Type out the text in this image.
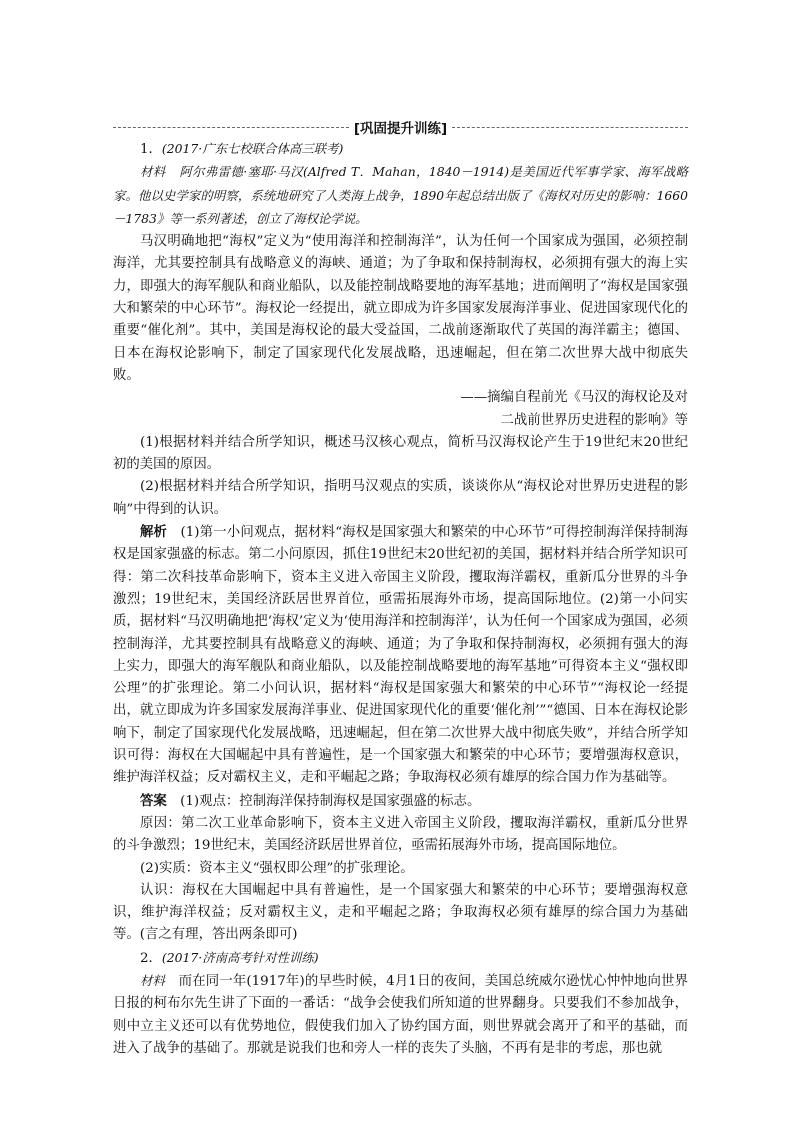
[巩固提升训练]

1．(2017·广东七校联合体高三联考)

材料  阿尔弗雷德·塞耶·马汉(Alfred T．Mahan，1840－1914)是美国近代军事学家、海军战略家。他以史学家的明察，系统地研究了人类海上战争，1890年起总结出版了《海权对历史的影响：1660－1783》等一系列著述，创立了海权论学说。

马汉明确地把“海权”定义为“使用海洋和控制海洋”，认为任何一个国家成为强国，必须控制海洋，尤其要控制具有战略意义的海峡、通道；为了争取和保持制海权，必须拥有强大的海上实力，即强大的海军舰队和商业船队，以及能控制战略要地的海军基地；进而阐明了“海权是国家强大和繁荣的中心环节”。海权论一经提出，就立即成为许多国家发展海洋事业、促进国家现代化的重要“催化剂”。其中，美国是海权论的最大受益国，二战前逐渐取代了英国的海洋霸主；德国、日本在海权论影响下，制定了国家现代化发展战略，迅速崛起，但在第二次世界大战中彻底失败。

——摘编自程前光《马汉的海权论及对

二战前世界历史进程的影响》等

(1)根据材料并结合所学知识，概述马汉核心观点，简析马汉海权论产生于19世纪末20世纪初的美国的原因。

(2)根据材料并结合所学知识，指明马汉观点的实质，谈谈你从“海权论对世界历史进程的影响”中得到的认识。

解析  (1)第一小问观点，据材料“海权是国家强大和繁荣的中心环节”可得控制海洋保持制海权是国家强盛的标志。第二小问原因，抓住19世纪末20世纪初的美国，据材料并结合所学知识可得：第二次科技革命影响下，资本主义进入帝国主义阶段，攫取海洋霸权，重新瓜分世界的斗争激烈；19世纪末，美国经济跃居世界首位，亟需拓展海外市场，提高国际地位。(2)第一小问实质，据材料“马汉明确地把‘海权’定义为‘使用海洋和控制海洋’，认为任何一个国家成为强国，必须控制海洋，尤其要控制具有战略意义的海峡、通道；为了争取和保持制海权，必须拥有强大的海上实力，即强大的海军舰队和商业船队，以及能控制战略要地的海军基地”可得资本主义“强权即公理”的扩张理论。第二小问认识，据材料“海权是国家强大和繁荣的中心环节”“海权论一经提出，就立即成为许多国家发展海洋事业、促进国家现代化的重要‘催化剂’”“德国、日本在海权论影响下，制定了国家现代化发展战略，迅速崛起，但在第二次世界大战中彻底失败”，并结合所学知识可得：海权在大国崛起中具有普遍性，是一个国家强大和繁荣的中心环节；要增强海权意识，维护海洋权益；反对霸权主义，走和平崛起之路；争取海权必须有雄厚的综合国力作为基础等。

答案  (1)观点：控制海洋保持制海权是国家强盛的标志。

原因：第二次工业革命影响下，资本主义进入帝国主义阶段，攫取海洋霸权，重新瓜分世界的斗争激烈；19世纪末，美国经济跃居世界首位，亟需拓展海外市场，提高国际地位。

(2)实质：资本主义“强权即公理”的扩张理论。

认识：海权在大国崛起中具有普遍性，是一个国家强大和繁荣的中心环节；要增强海权意识，维护海洋权益；反对霸权主义，走和平崛起之路；争取海权必须有雄厚的综合国力为基础等。(言之有理，答出两条即可)

2．(2017·济南高考针对性训练)

材料  而在同一年(1917年)的早些时候，4月1日的夜间，美国总统威尔逊忧心忡忡地向世界日报的柯布尔先生讲了下面的一番话：“战争会使我们所知道的世界翻身。只要我们不参加战争，则中立主义还可以有优势地位，假使我们加入了协约国方面，则世界就会离开了和平的基础，而进入了战争的基础了。那就是说我们也和旁人一样的丧失了头脑，不再有是非的考虑，那也就
